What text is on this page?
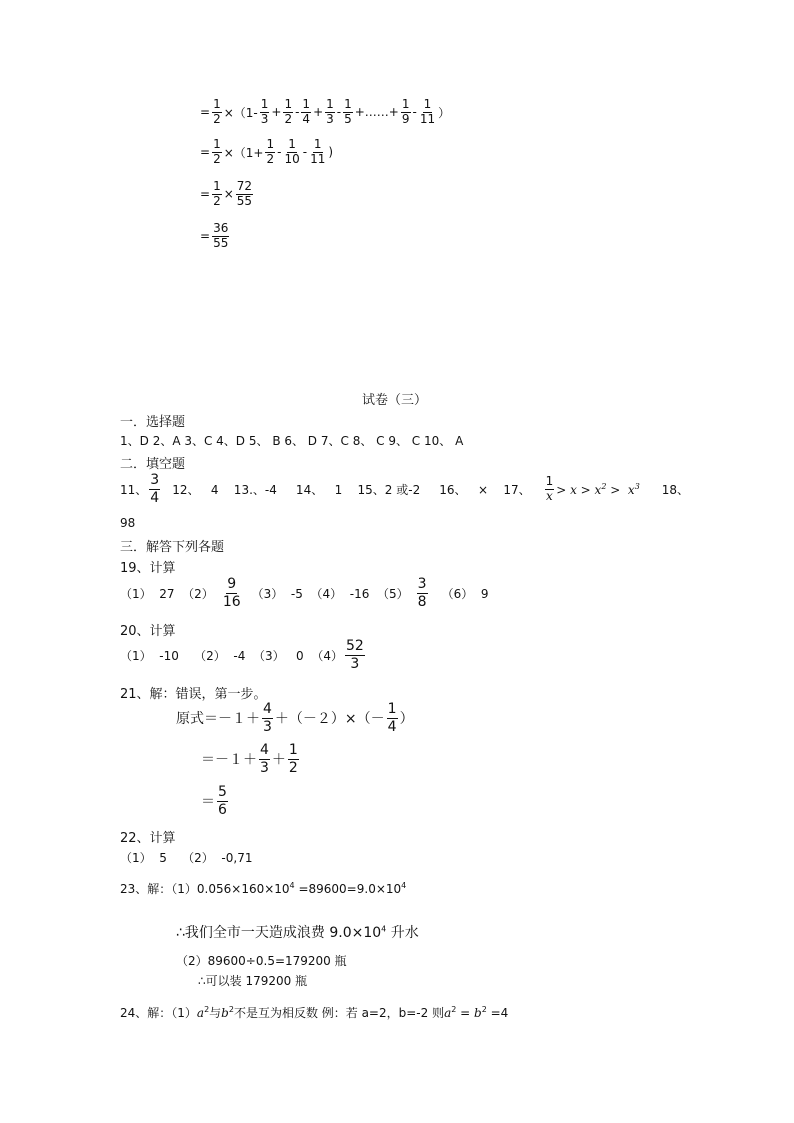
= $\frac{1}{2} \times(1- \frac{1}{3} + \frac{1}{2} - \frac{1}{4} + \frac{1}{3} - \frac{1}{5}$ +……+ $\frac{1}{9} - \frac{1}{11}$ ）
= $\frac{1}{2} \times(1+ \frac{1}{2} - \frac{1}{10} - \frac{1}{11}$ )
= $\frac{1}{2} \times \frac{72}{55}$
= $\frac{36}{55}$
试卷（三）
一．选择题
1、D 2、A 3、C 4、D 5、 B 6、 D 7、C 8、 C 9、 C 10、 A
二．填空题
11、 $\frac{3}{4} 12$、   4    13.、-4     14、   1    15、2 或-2     16、   ×    17、 $\frac{1}{x} > x > x^2 > x^3$ 18、
98
三．解答下列各题
19、计算
（1）  27  $(2) \frac{9}{16} (3)$  -5  （4）  -16  $(5) \frac{3}{8} (6)$  9
20、计算
（1）  -10    （2）  -4  （3）   0  $(4) \frac{52}{3}$
21、解：错误，第一步。
原式$=-1+ \frac{4}{3} +(-2)\times(- \frac{1}{4}$ ）
$=-1+ \frac{4}{3} + \frac{1}{2}$
＝ $\frac{5}{6}$
22、计算
（1）  5    （2）  -0,71
23、解：$(1)0.056\times 160\times 10^4 =89600=9.0\times 10^4$
∴我们全市一天造成浪费 $9.0\times 10^4$ 升水
（2）89600÷0.5=179200 瓶
∴可以装 179200 瓶
24、解：$(1)a^2$与$b^2$不是互为相反数 例：若 a=2，b=-2 则$a^2 = b^2 =4$
